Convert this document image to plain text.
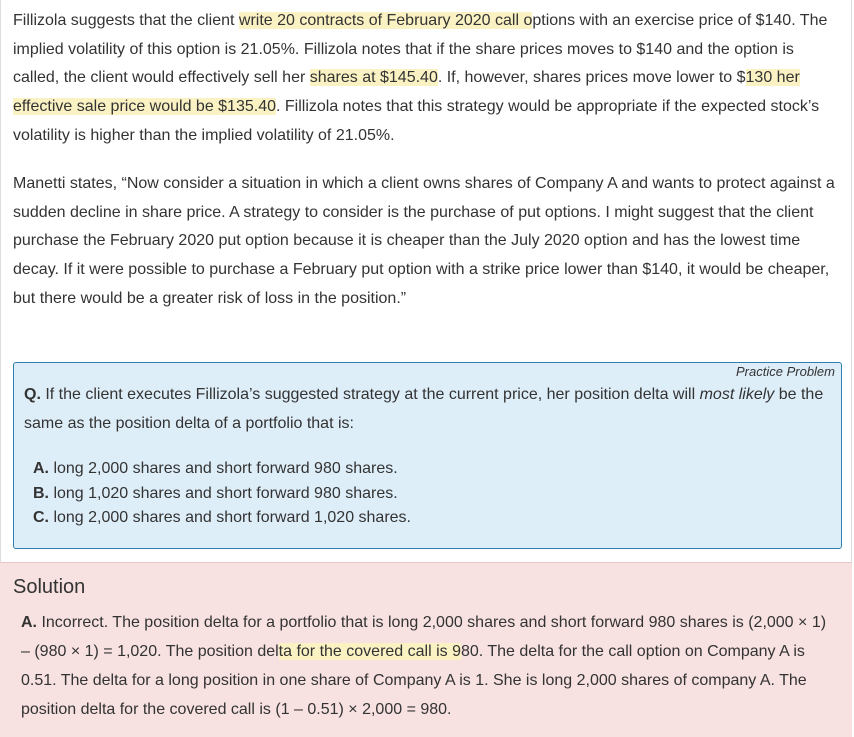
Fillizola suggests that the client write 20 contracts of February 2020 call options with an exercise price of $140. The implied volatility of this option is 21.05%. Fillizola notes that if the share prices moves to $140 and the option is called, the client would effectively sell her shares at $145.40. If, however, shares prices move lower to $130 her effective sale price would be $135.40. Fillizola notes that this strategy would be appropriate if the expected stock’s volatility is higher than the implied volatility of 21.05%.

Manetti states, “Now consider a situation in which a client owns shares of Company A and wants to protect against a sudden decline in share price. A strategy to consider is the purchase of put options. I might suggest that the client purchase the February 2020 put option because it is cheaper than the July 2020 option and has the lowest time decay. If it were possible to purchase a February put option with a strike price lower than $140, it would be cheaper, but there would be a greater risk of loss in the position.”

Practice Problem

Q. If the client executes Fillizola’s suggested strategy at the current price, her position delta will most likely be the same as the position delta of a portfolio that is:

A. long 2,000 shares and short forward 980 shares.
B. long 1,020 shares and short forward 980 shares.
C. long 2,000 shares and short forward 1,020 shares.
Solution

A. Incorrect. The position delta for a portfolio that is long 2,000 shares and short forward 980 shares is (2,000 × 1) – (980 × 1) = 1,020. The position delta for the covered call is 980. The delta for the call option on Company A is 0.51. The delta for a long position in one share of Company A is 1. She is long 2,000 shares of company A. The position delta for the covered call is (1 – 0.51) × 2,000 = 980.
